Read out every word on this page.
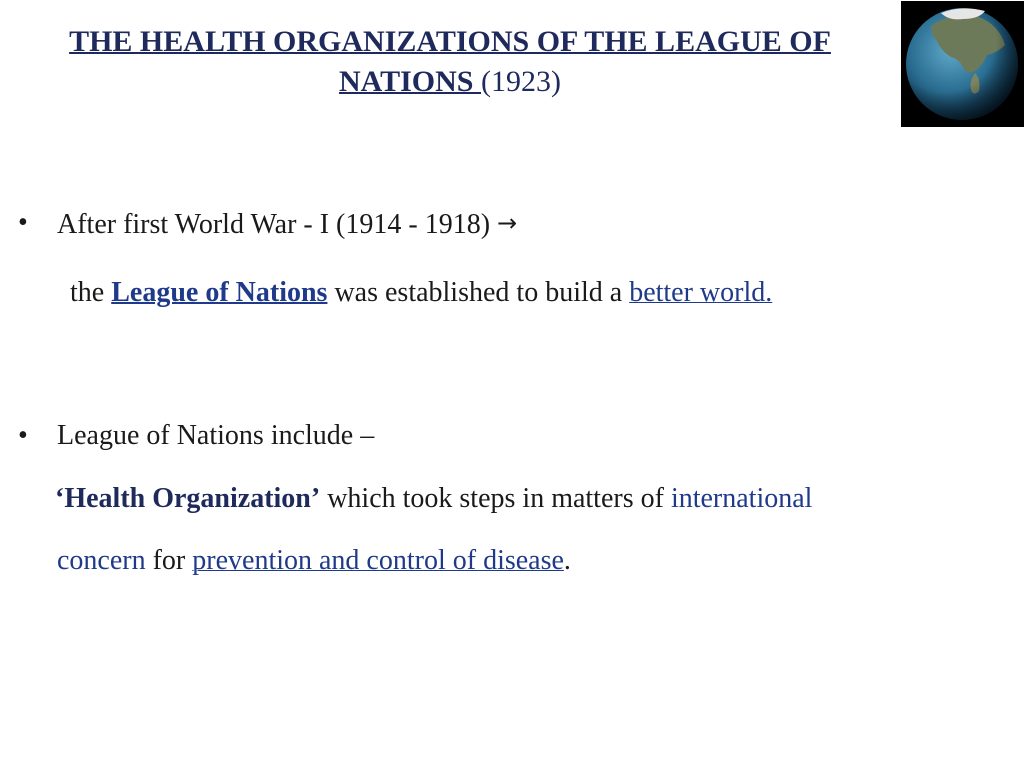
THE HEALTH ORGANIZATIONS OF THE LEAGUE OF NATIONS (1923)
• After first World War - I (1914 - 1918) →
the League of Nations was established to build a better world.
• League of Nations include –
‘Health Organization’ which took steps in matters of international
concern for prevention and control of disease.
